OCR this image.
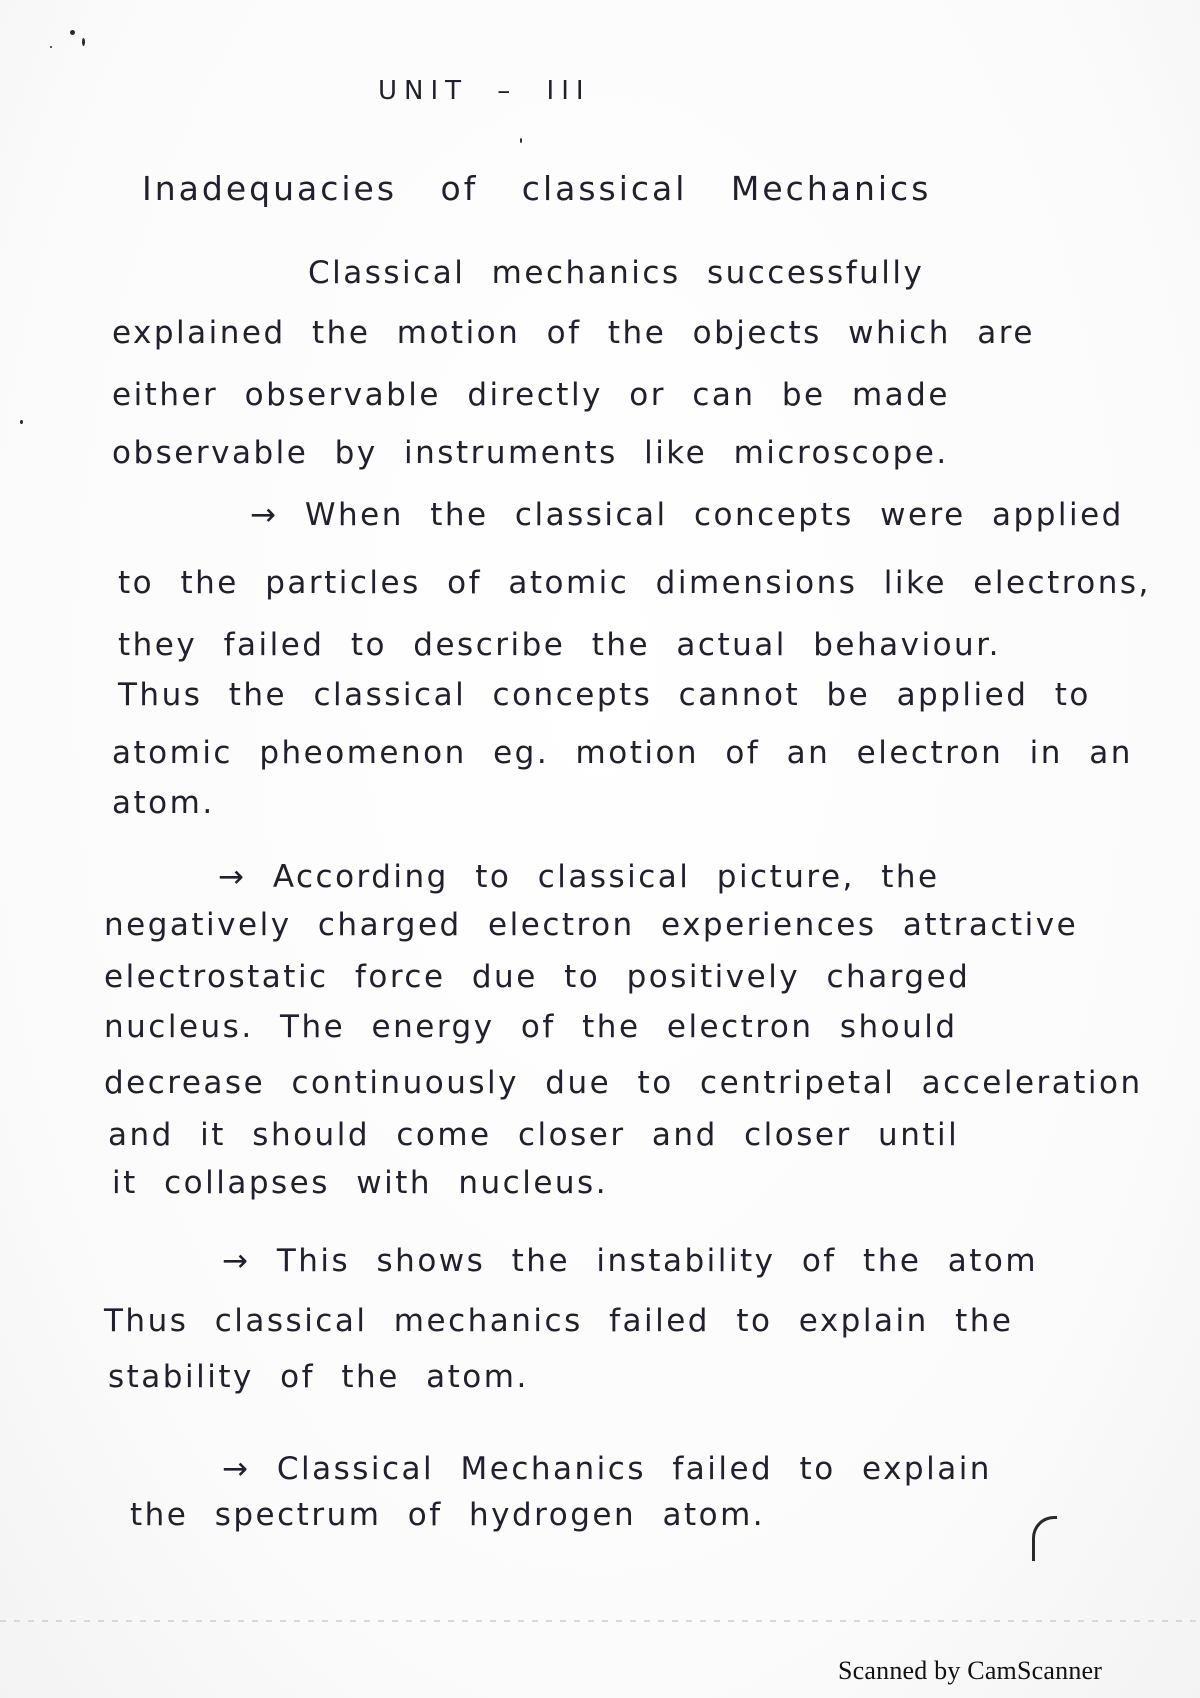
UNIT – III
Inadequacies of classical Mechanics
Classical mechanics successfully
explained the motion of the objects which are
either observable directly or can be made
observable by instruments like microscope.
→ When the classical concepts were applied
to the particles of atomic dimensions like electrons,
they failed to describe the actual behaviour.
Thus the classical concepts cannot be applied to
atomic pheomenon eg. motion of an electron in an
atom.
→ According to classical picture, the
negatively charged electron experiences attractive
electrostatic force due to positively charged
nucleus. The energy of the electron should
decrease continuously due to centripetal acceleration
and it should come closer and closer until
it collapses with nucleus.
→ This shows the instability of the atom
Thus classical mechanics failed to explain the
stability of the atom.
→ Classical Mechanics failed to explain
the spectrum of hydrogen atom.
Scanned by CamScanner
